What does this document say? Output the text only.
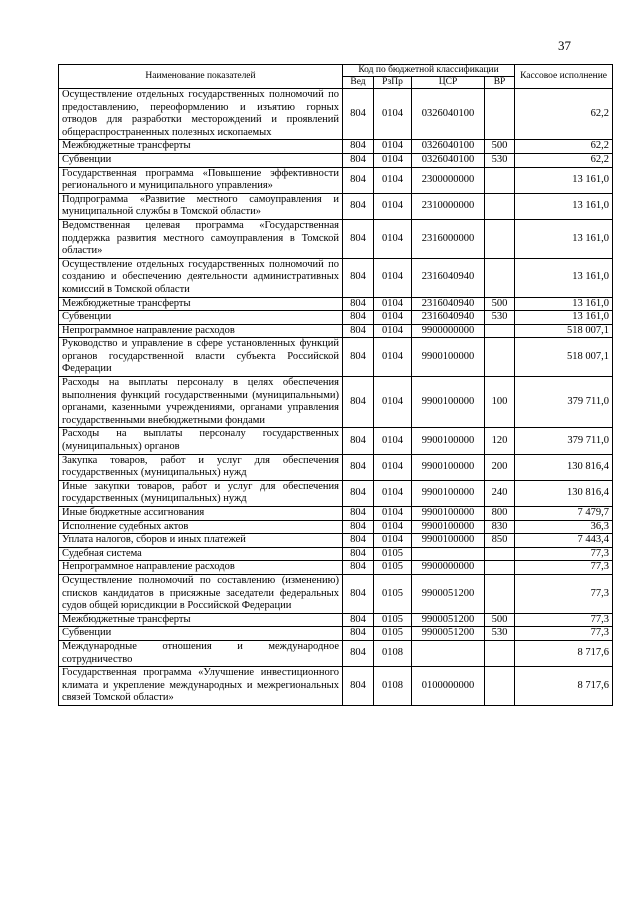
37
Наименование показателей	Код по бюджетной классификации				Кассовое исполнение
	Вед	РзПр	ЦСР	ВР	
Осуществление отдельных государственных полномочий по предоставлению, переоформлению и изъятию горных отводов для разработки месторождений и проявлений общераспространенных полезных ископаемых	804	0104	0326040100		62,2
Межбюджетные трансферты	804	0104	0326040100	500	62,2
Субвенции	804	0104	0326040100	530	62,2
Государственная программа «Повышение эффективности регионального и муниципального управления»	804	0104	2300000000		13 161,0
Подпрограмма «Развитие местного самоуправления и муниципальной службы в Томской области»	804	0104	2310000000		13 161,0
Ведомственная целевая программа «Государственная поддержка развития местного самоуправления в Томской области»	804	0104	2316000000		13 161,0
Осуществление отдельных государственных полномочий по созданию и обеспечению деятельности административных комиссий в Томской области	804	0104	2316040940		13 161,0
Межбюджетные трансферты	804	0104	2316040940	500	13 161,0
Субвенции	804	0104	2316040940	530	13 161,0
Непрограммное направление расходов	804	0104	9900000000		518 007,1
Руководство и управление в сфере установленных функций органов государственной власти субъекта Российской Федерации	804	0104	9900100000		518 007,1
Расходы на выплаты персоналу в целях обеспечения выполнения функций государственными (муниципальными) органами, казенными учреждениями, органами управления государственными внебюджетными фондами	804	0104	9900100000	100	379 711,0
Расходы на выплаты персоналу государственных (муниципальных) органов	804	0104	9900100000	120	379 711,0
Закупка товаров, работ и услуг для обеспечения государственных (муниципальных) нужд	804	0104	9900100000	200	130 816,4
Иные закупки товаров, работ и услуг для обеспечения государственных (муниципальных) нужд	804	0104	9900100000	240	130 816,4
Иные бюджетные ассигнования	804	0104	9900100000	800	7 479,7
Исполнение судебных актов	804	0104	9900100000	830	36,3
Уплата налогов, сборов и иных платежей	804	0104	9900100000	850	7 443,4
Судебная система	804	0105			77,3
Непрограммное направление расходов	804	0105	9900000000		77,3
Осуществление полномочий по составлению (изменению) списков кандидатов в присяжные заседатели федеральных судов общей юрисдикции в Российской Федерации	804	0105	9900051200		77,3
Межбюджетные трансферты	804	0105	9900051200	500	77,3
Субвенции	804	0105	9900051200	530	77,3
Международные отношения и международное сотрудничество	804	0108			8 717,6
Государственная программа «Улучшение инвестиционного климата и укрепление международных и межрегиональных связей Томской области»	804	0108	0100000000		8 717,6
